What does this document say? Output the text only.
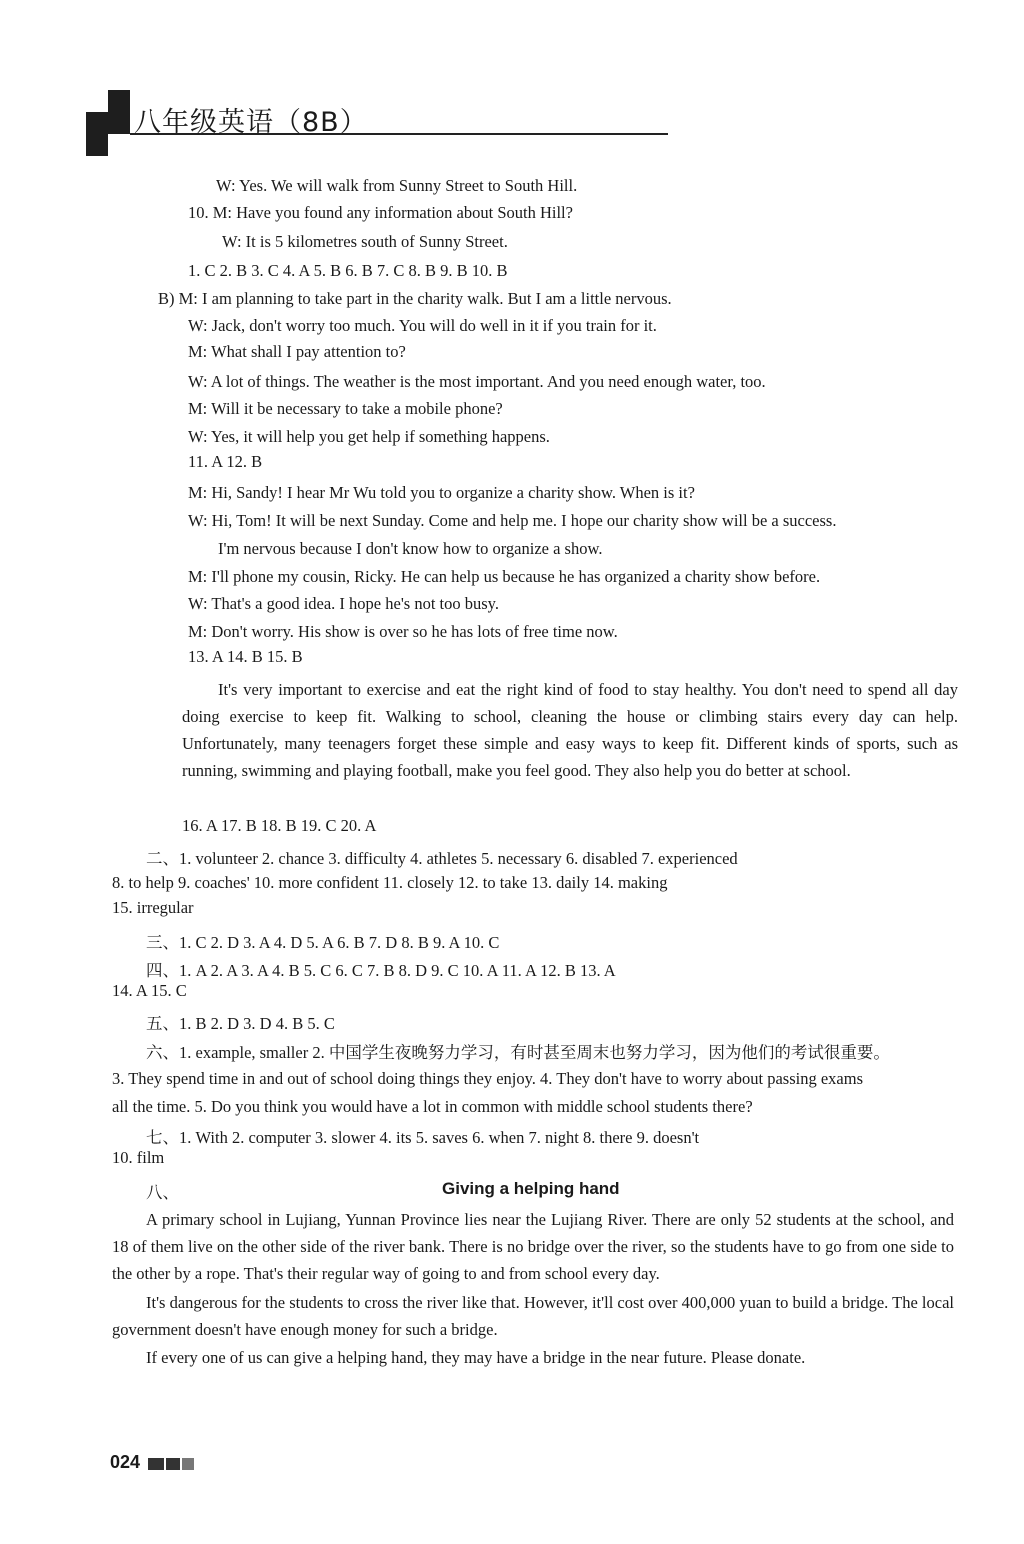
八年级英语（8B）
W: Yes. We will walk from Sunny Street to South Hill.
10. M: Have you found any information about South Hill?
W: It is 5 kilometres south of Sunny Street.
1. C 2. B 3. C 4. A 5. B 6. B 7. C 8. B 9. B 10. B
B) M: I am planning to take part in the charity walk. But I am a little nervous.
W: Jack, don't worry too much. You will do well in it if you train for it.
M: What shall I pay attention to?
W: A lot of things. The weather is the most important. And you need enough water, too.
M: Will it be necessary to take a mobile phone?
W: Yes, it will help you get help if something happens.
11. A 12. B
M: Hi, Sandy! I hear Mr Wu told you to organize a charity show. When is it?
W: Hi, Tom! It will be next Sunday. Come and help me. I hope our charity show will be a success.
I'm nervous because I don't know how to organize a show.
M: I'll phone my cousin, Ricky. He can help us because he has organized a charity show before.
W: That's a good idea. I hope he's not too busy.
M: Don't worry. His show is over so he has lots of free time now.
13. A 14. B 15. B
It's very important to exercise and eat the right kind of food to stay healthy. You don't need to spend all day doing exercise to keep fit. Walking to school, cleaning the house or climbing stairs every day can help. Unfortunately, many teenagers forget these simple and easy ways to keep fit. Different kinds of sports, such as running, swimming and playing football, make you feel good. They also help you do better at school.
16. A 17. B 18. B 19. C 20. A
二、1. volunteer 2. chance 3. difficulty 4. athletes 5. necessary 6. disabled 7. experienced
8. to help 9. coaches' 10. more confident 11. closely 12. to take 13. daily 14. making
15. irregular
三、1. C 2. D 3. A 4. D 5. A 6. B 7. D 8. B 9. A 10. C
四、1. A 2. A 3. A 4. B 5. C 6. C 7. B 8. D 9. C 10. A 11. A 12. B 13. A
14. A 15. C
五、1. B 2. D 3. D 4. B 5. C
六、1. example, smaller 2. 中国学生夜晚努力学习，有时甚至周末也努力学习，因为他们的考试很重要。
3. They spend time in and out of school doing things they enjoy. 4. They don't have to worry about passing exams
all the time. 5. Do you think you would have a lot in common with middle school students there?
七、1. With 2. computer 3. slower 4. its 5. saves 6. when 7. night 8. there 9. doesn't
10. film
八、	Giving a helping hand
A primary school in Lujiang, Yunnan Province lies near the Lujiang River. There are only 52 students at the school, and 18 of them live on the other side of the river bank. There is no bridge over the river, so the students have to go from one side to the other by a rope. That's their regular way of going to and from school every day.
It's dangerous for the students to cross the river like that. However, it'll cost over 400,000 yuan to build a bridge. The local government doesn't have enough money for such a bridge.
If every one of us can give a helping hand, they may have a bridge in the near future. Please donate.
024
